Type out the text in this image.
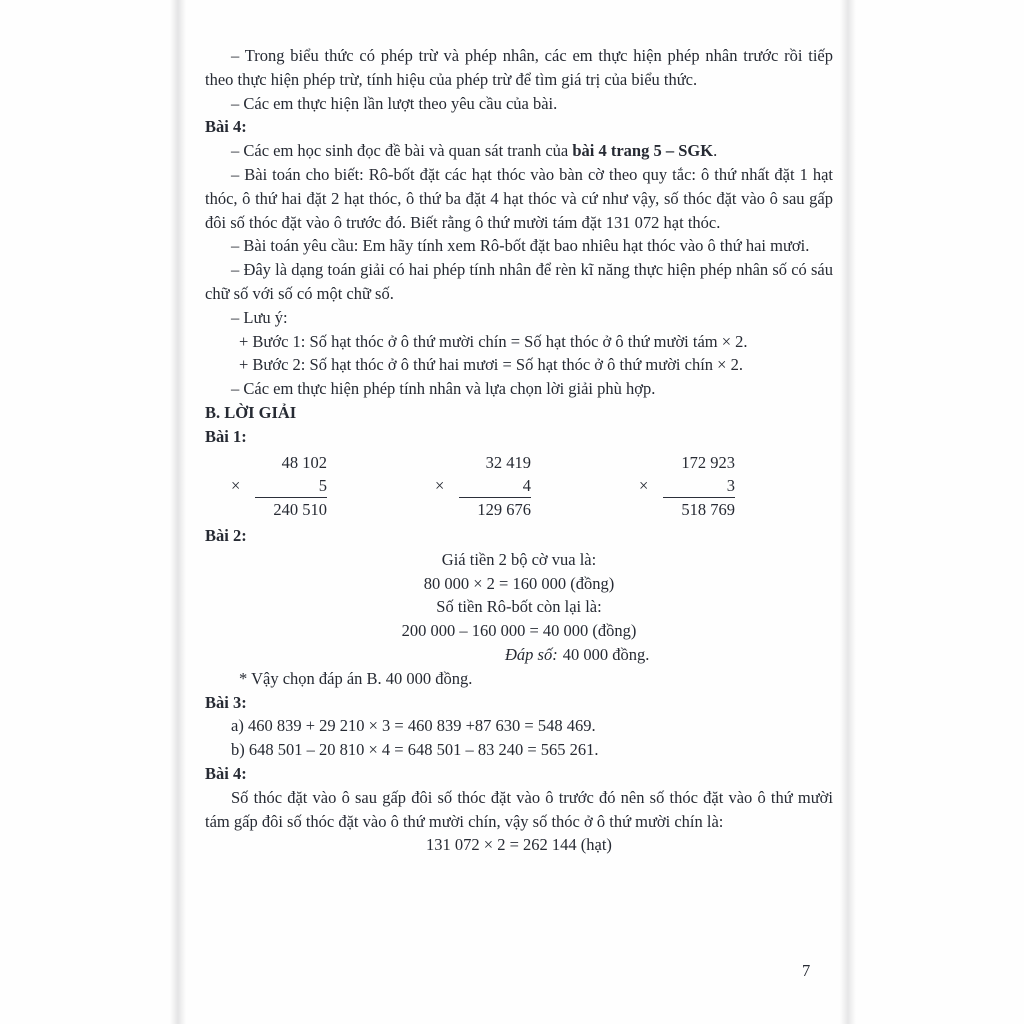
– Trong biểu thức có phép trừ và phép nhân, các em thực hiện phép nhân trước rồi tiếp theo thực hiện phép trừ, tính hiệu của phép trừ để tìm giá trị của biểu thức.

– Các em thực hiện lần lượt theo yêu cầu của bài.

Bài 4:

– Các em học sinh đọc đề bài và quan sát tranh của bài 4 trang 5 – SGK.

– Bài toán cho biết: Rô-bốt đặt các hạt thóc vào bàn cờ theo quy tắc: ô thứ nhất đặt 1 hạt thóc, ô thứ hai đặt 2 hạt thóc, ô thứ ba đặt 4 hạt thóc và cứ như vậy, số thóc đặt vào ô sau gấp đôi số thóc đặt vào ô trước đó. Biết rằng ô thứ mười tám đặt 131 072 hạt thóc.

– Bài toán yêu cầu: Em hãy tính xem Rô-bốt đặt bao nhiêu hạt thóc vào ô thứ hai mươi.

– Đây là dạng toán giải có hai phép tính nhân để rèn kĩ năng thực hiện phép nhân số có sáu chữ số với số có một chữ số.

– Lưu ý:

+ Bước 1: Số hạt thóc ở ô thứ mười chín = Số hạt thóc ở ô thứ mười tám × 2.

+ Bước 2: Số hạt thóc ở ô thứ hai mươi = Số hạt thóc ở ô thứ mười chín × 2.

– Các em thực hiện phép tính nhân và lựa chọn lời giải phù hợp.

B. LỜI GIẢI

Bài 1:

×
48 102
5
240 510
×
32 419
4
129 676
×
172 923
3
518 769

Bài 2:

Giá tiền 2 bộ cờ vua là:

80 000 × 2 = 160 000 (đồng)

Số tiền Rô-bốt còn lại là:

200 000 – 160 000 = 40 000 (đồng)

Đáp số: 40 000 đồng.

* Vậy chọn đáp án B. 40 000 đồng.

Bài 3:

a) 460 839 + 29 210 × 3 = 460 839 +87 630 = 548 469.

b) 648 501 – 20 810 × 4 = 648 501 – 83 240 = 565 261.

Bài 4:

Số thóc đặt vào ô sau gấp đôi số thóc đặt vào ô trước đó nên số thóc đặt vào ô thứ mười tám gấp đôi số thóc đặt vào ô thứ mười chín, vậy số thóc ở ô thứ mười chín là:

131 072 × 2 = 262 144 (hạt)

7
